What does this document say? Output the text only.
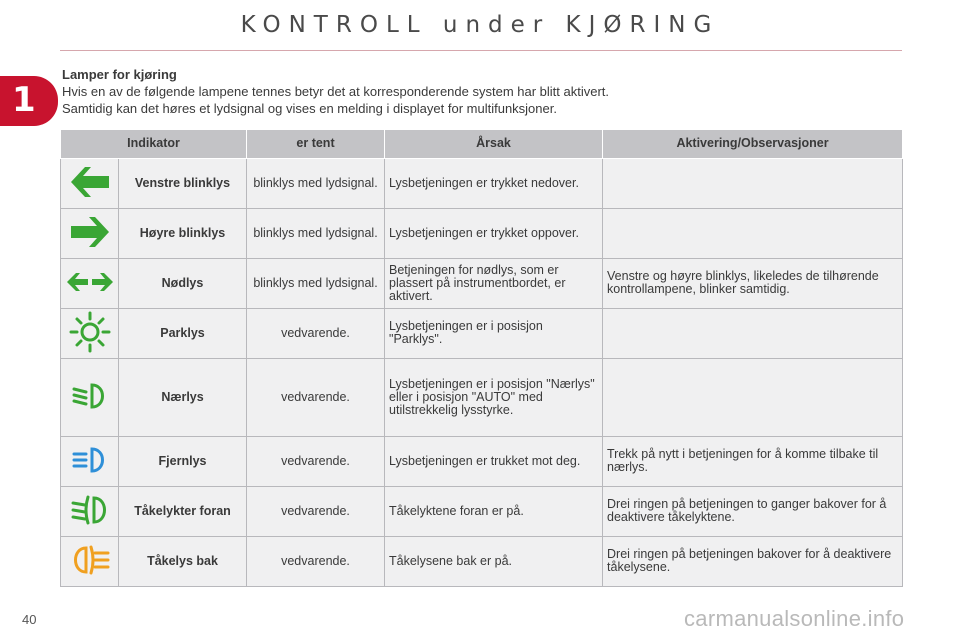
KONTROLL under KJØRING
1
Lamper for kjøring
Hvis en av de følgende lampene tennes betyr det at korresponderende system har blitt aktivert.
Samtidig kan det høres et lydsignal og vises en melding i displayet for multifunksjoner.
Indikator		er tent	Årsak	Aktivering/Observasjoner
	Venstre blinklys	blinklys med lydsignal.	Lysbetjeningen er trykket nedover.	
	Høyre blinklys	blinklys med lydsignal.	Lysbetjeningen er trykket oppover.	
	Nødlys	blinklys med lydsignal.	Betjeningen for nødlys, som er plassert på instrumentbordet, er aktivert.	Venstre og høyre blinklys, likeledes de tilhørende kontrollampene, blinker samtidig.
	Parklys	vedvarende.	Lysbetjeningen er i posisjon "Parklys".	
	Nærlys	vedvarende.	Lysbetjeningen er i posisjon "Nærlys" eller i posisjon "AUTO" med utilstrekkelig lysstyrke.	
	Fjernlys	vedvarende.	Lysbetjeningen er trukket mot deg.	Trekk på nytt i betjeningen for å komme tilbake til nærlys.
	Tåkelykter foran	vedvarende.	Tåkelyktene foran er på.	Drei ringen på betjeningen to ganger bakover for å deaktivere tåkelyktene.
	Tåkelys bak	vedvarende.	Tåkelysene bak er på.	Drei ringen på betjeningen bakover for å deaktivere tåkelysene.
40	carmanualsonline.info
